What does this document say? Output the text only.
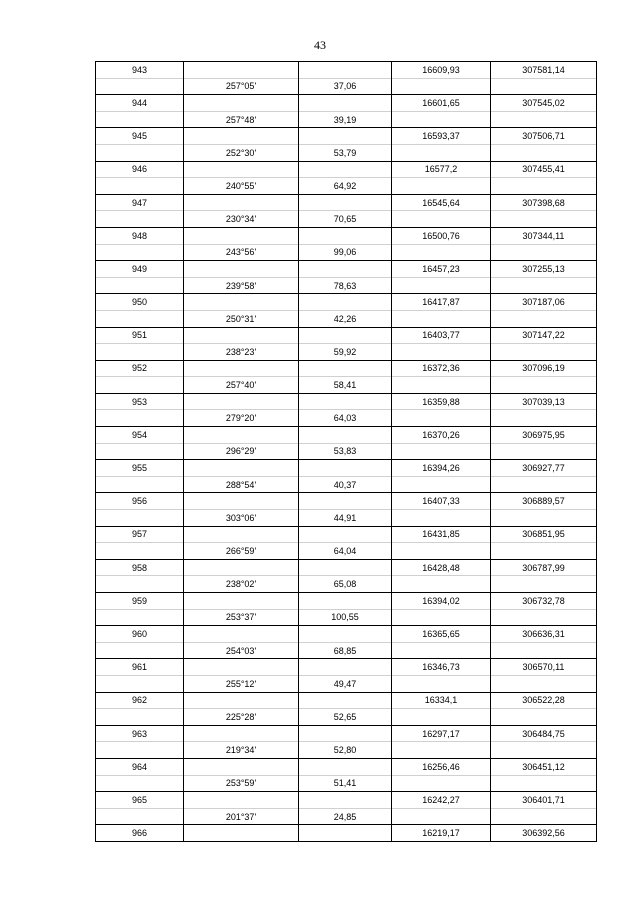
43
943			16609,93	307581,14
	257°05'	37,06		
944			16601,65	307545,02
	257°48'	39,19		
945			16593,37	307506,71
	252°30'	53,79		
946			16577,2	307455,41
	240°55'	64,92		
947			16545,64	307398,68
	230°34'	70,65		
948			16500,76	307344,11
	243°56'	99,06		
949			16457,23	307255,13
	239°58'	78,63		
950			16417,87	307187,06
	250°31'	42,26		
951			16403,77	307147,22
	238°23'	59,92		
952			16372,36	307096,19
	257°40'	58,41		
953			16359,88	307039,13
	279°20'	64,03		
954			16370,26	306975,95
	296°29'	53,83		
955			16394,26	306927,77
	288°54'	40,37		
956			16407,33	306889,57
	303°06'	44,91		
957			16431,85	306851,95
	266°59'	64,04		
958			16428,48	306787,99
	238°02'	65,08		
959			16394,02	306732,78
	253°37'	100,55		
960			16365,65	306636,31
	254°03'	68,85		
961			16346,73	306570,11
	255°12'	49,47		
962			16334,1	306522,28
	225°28'	52,65		
963			16297,17	306484,75
	219°34'	52,80		
964			16256,46	306451,12
	253°59'	51,41		
965			16242,27	306401,71
	201°37'	24,85		
966			16219,17	306392,56
